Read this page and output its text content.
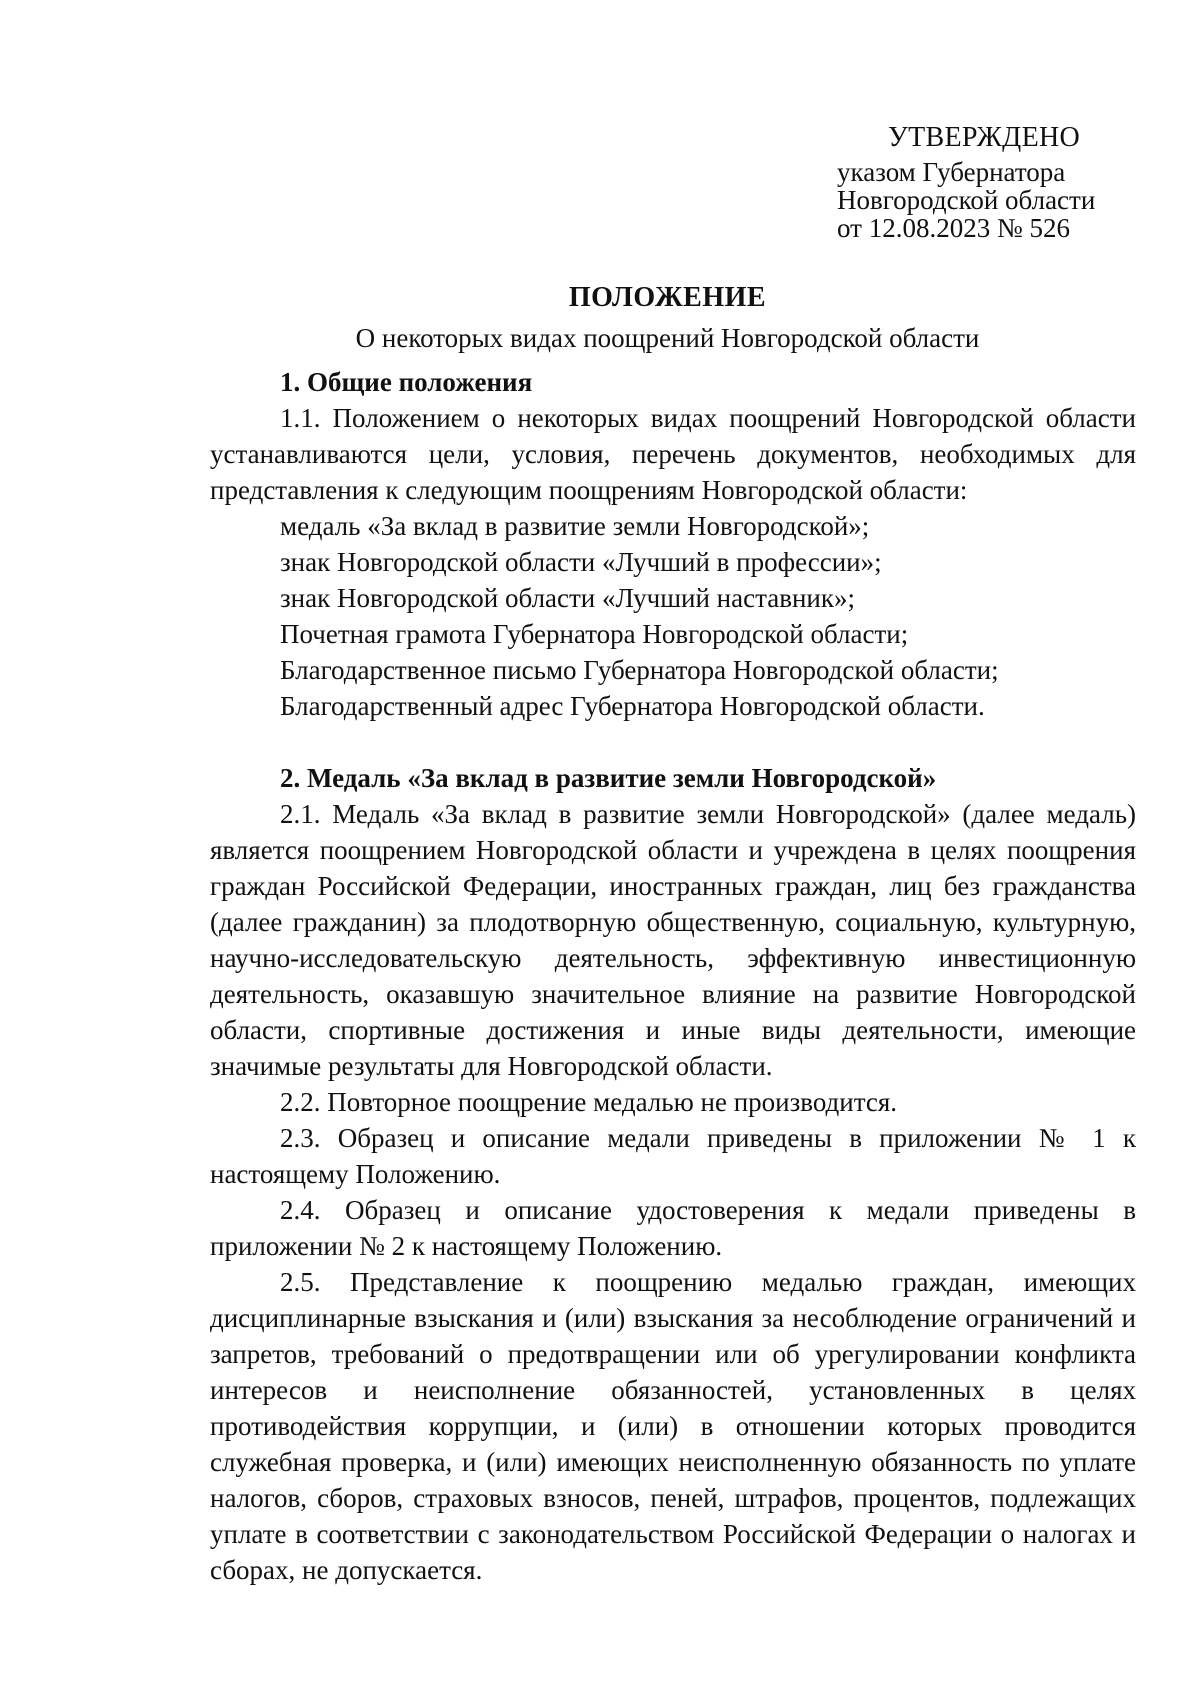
УТВЕРЖДЕНО

указом Губернатора

Новгородской области

от 12.08.2023 № 526

ПОЛОЖЕНИЕ

О некоторых видах поощрений Новгородской области

1. Общие положения

1.1. Положением о некоторых видах поощрений Новгородской области устанавливаются цели, условия, перечень документов, необходимых для представления к следующим поощрениям Новгородской области:

медаль «За вклад в развитие земли Новгородской»;
знак Новгородской области «Лучший в профессии»;
знак Новгородской области «Лучший наставник»;
Почетная грамота Губернатора Новгородской области;
Благодарственное письмо Губернатора Новгородской области;
Благодарственный адрес Губернатора Новгородской области.

2. Медаль «За вклад в развитие земли Новгородской»

2.1. Медаль «За вклад в развитие земли Новгородской» (далее медаль) является поощрением Новгородской области и учреждена в целях поощрения граждан Российской Федерации, иностранных граждан, лиц без гражданства (далее гражданин) за плодотворную общественную, социальную, культурную, научно-исследовательскую деятельность, эффективную инвестиционную деятельность, оказавшую значительное влияние на развитие Новгородской области, спортивные достижения и иные виды деятельности, имеющие значимые результаты для Новгородской области.

2.2. Повторное поощрение медалью не производится.

2.3. Образец и описание медали приведены в приложении № 1 к настоящему Положению.

2.4. Образец и описание удостоверения к медали приведены в приложении № 2 к настоящему Положению.

2.5. Представление к поощрению медалью граждан, имеющих дисциплинарные взыскания и (или) взыскания за несоблюдение ограничений и запретов, требований о предотвращении или об урегулировании конфликта интересов и неисполнение обязанностей, установленных в целях противодействия коррупции, и (или) в отношении которых проводится служебная проверка, и (или) имеющих неисполненную обязанность по уплате налогов, сборов, страховых взносов, пеней, штрафов, процентов, подлежащих уплате в соответствии с законодательством Российской Федерации о налогах и сборах, не допускается.
